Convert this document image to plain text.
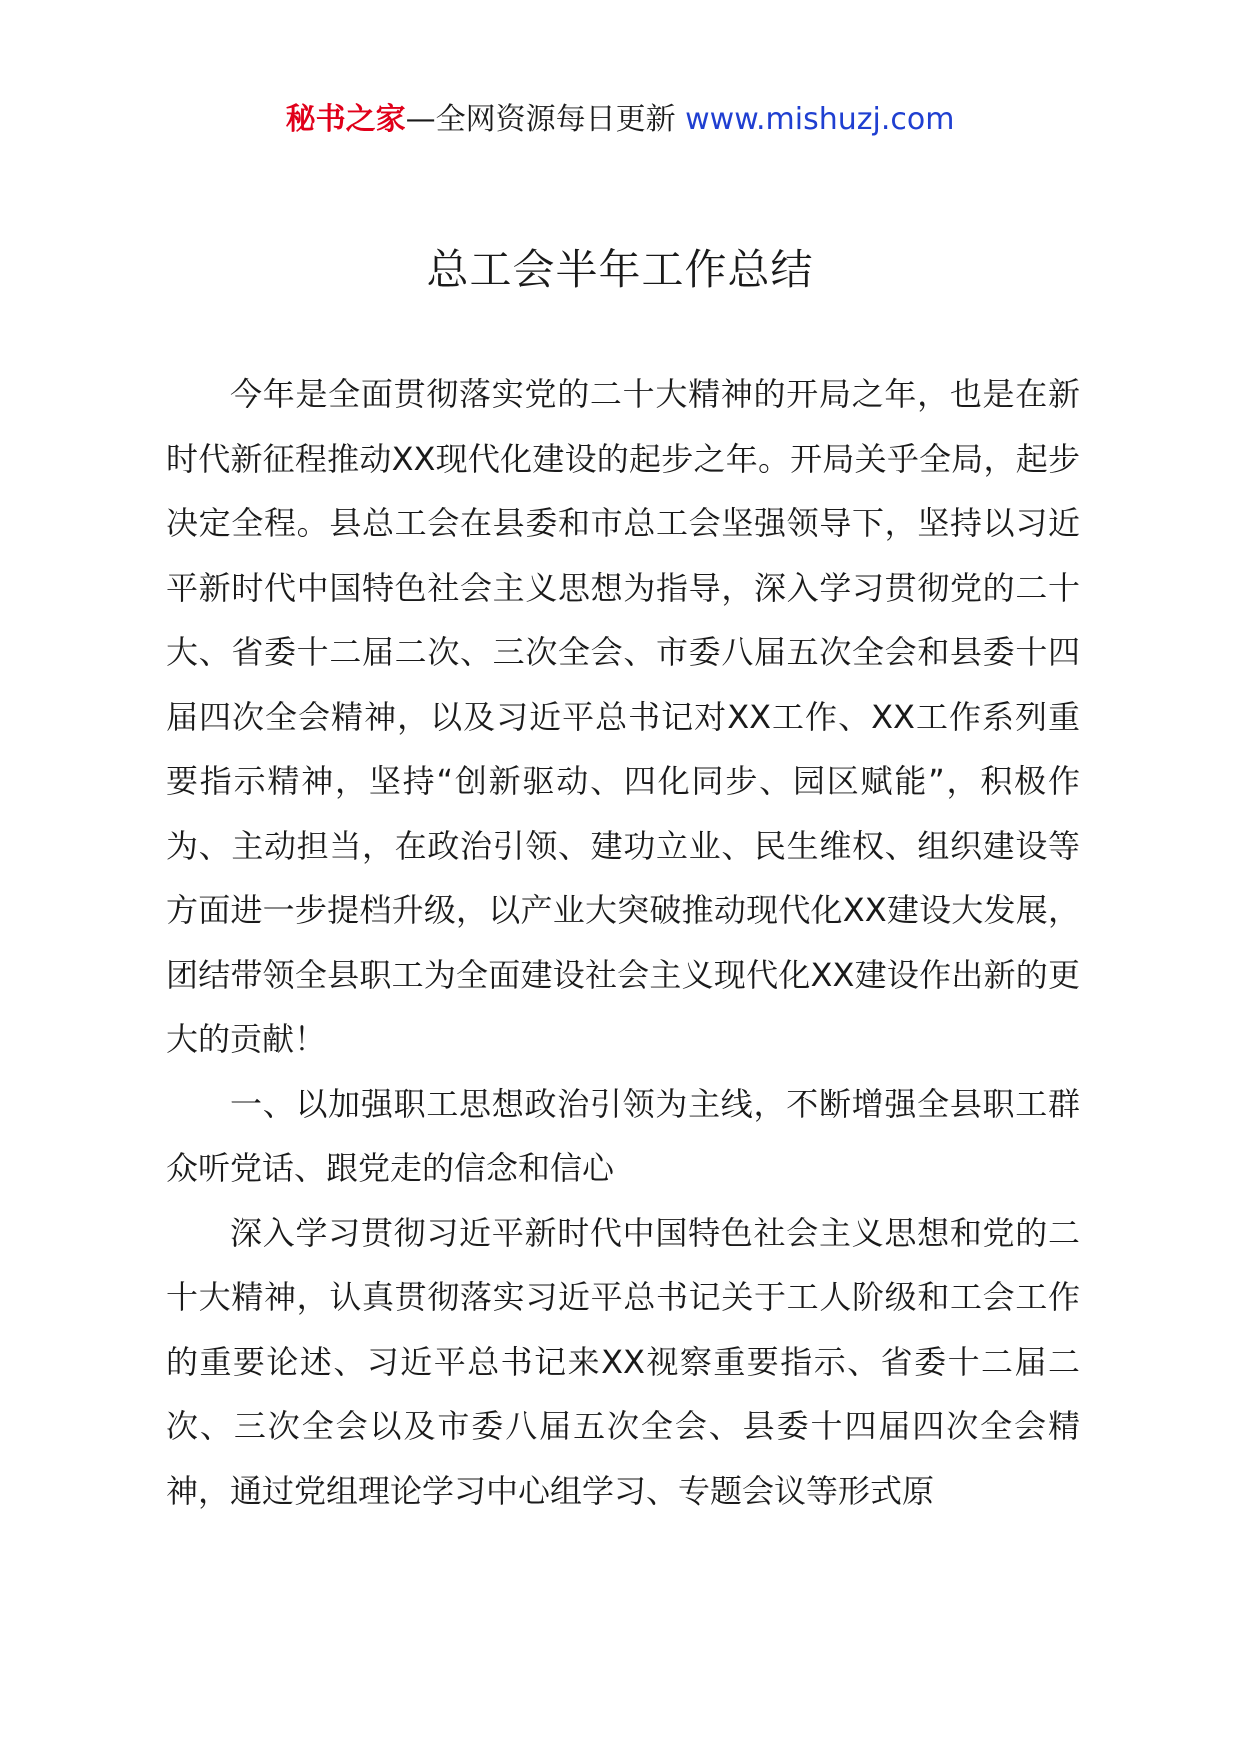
秘书之家—全网资源每日更新 www.mishuzj.com
总工会半年工作总结

今年是全面贯彻落实党的二十大精神的开局之年，也是在新时代新征程推动XX现代化建设的起步之年。开局关乎全局，起步决定全程。县总工会在县委和市总工会坚强领导下，坚持以习近平新时代中国特色社会主义思想为指导，深入学习贯彻党的二十大、省委十二届二次、三次全会、市委八届五次全会和县委十四届四次全会精神，以及习近平总书记对XX工作、XX工作系列重要指示精神，坚持“创新驱动、四化同步、园区赋能”，积极作为、主动担当，在政治引领、建功立业、民生维权、组织建设等方面进一步提档升级，以产业大突破推动现代化XX建设大发展，团结带领全县职工为全面建设社会主义现代化XX建设作出新的更大的贡献！

一、以加强职工思想政治引领为主线，不断增强全县职工群众听党话、跟党走的信念和信心

深入学习贯彻习近平新时代中国特色社会主义思想和党的二十大精神，认真贯彻落实习近平总书记关于工人阶级和工会工作的重要论述、习近平总书记来XX视察重要指示、省委十二届二次、三次全会以及市委八届五次全会、县委十四届四次全会精神，通过党组理论学习中心组学习、专题会议等形式原
